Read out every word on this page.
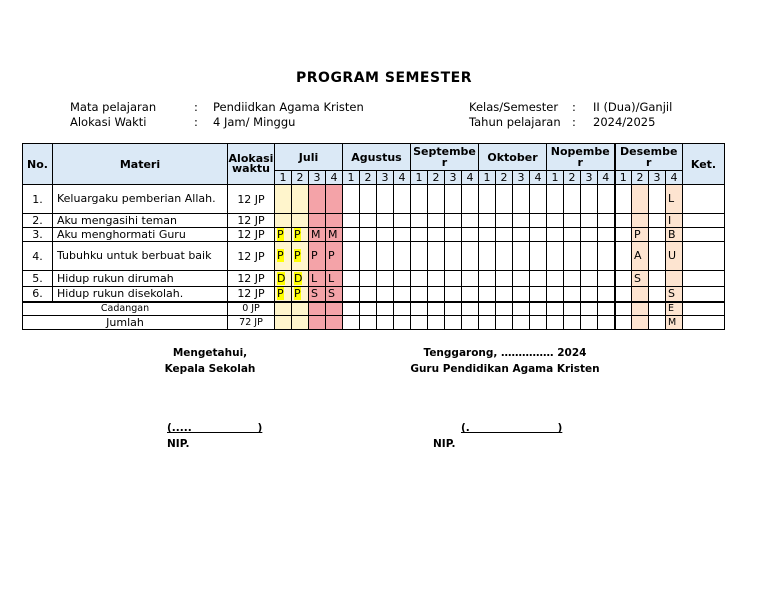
PROGRAM SEMESTER
Mata pelajaran	:	Pendiidkan Agama Kristen
Alokasi Wakti	:	4 Jam/ Minggu
Kelas/Semester	:	II (Dua)/Ganjil
Tahun pelajaran :	2024/2025
No.	Materi	Alokasi waktu	Juli				Agustus				Septembe r				Oktober				Nopembe r				Desembe r				Ket.
			1	2	3	4	1	2	3	4	1	2	3	4	1	2	3	4	1	2	3	4	1	2	3	4	
1.	Keluargaku pemberian Allah.	12 JP																								L	
2.	Aku mengasihi teman	12 JP																								I	
3.	Aku menghormati Guru	12 JP	P	P	M	M																		P		B	
4.	Tubuhku untuk berbuat baik	12 JP	P	P	P	P																		A		U	
5.	Hidup rukun dirumah	12 JP	D	D	L	L																		S			
6.	Hidup rukun disekolah.	12 JP	P	P	S	S																				S	
Cadangan		0 JP																								E	
Jumlah		72 JP																								M	
Mengetahui,
Kepala Sekolah
Tenggarong, …………… 2024
Guru Pendidikan Agama Kristen
(.....                  )
NIP.
(.                        )
NIP.
